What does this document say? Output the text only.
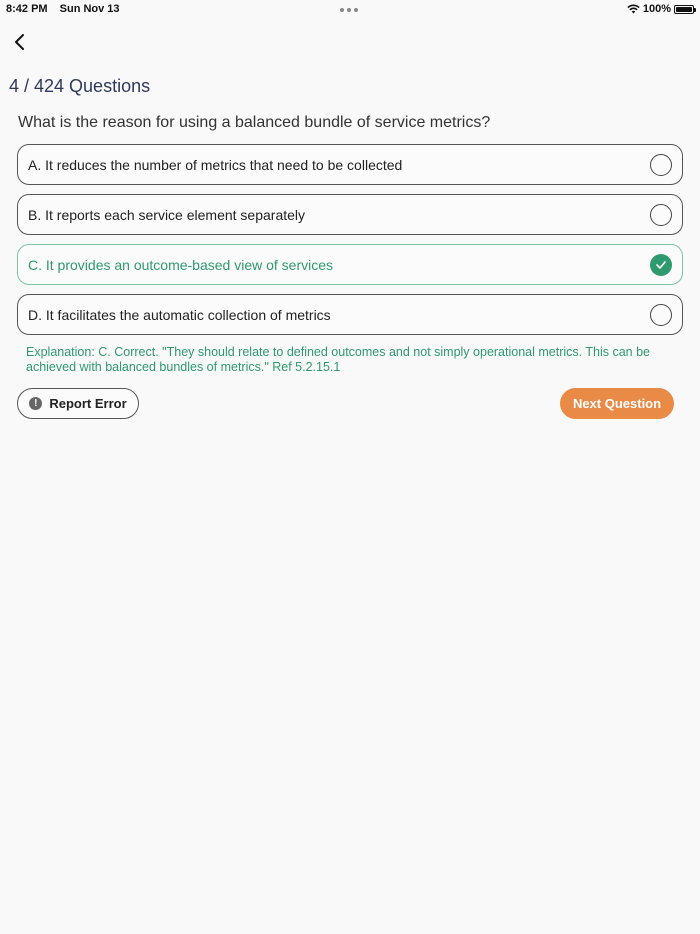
8:42 PM Sun Nov 13	100%
4 / 424 Questions
What is the reason for using a balanced bundle of service metrics?
A. It reduces the number of metrics that need to be collected
B. It reports each service element separately
C. It provides an outcome-based view of services
D. It facilitates the automatic collection of metrics
Explanation: C. Correct. "They should relate to defined outcomes and not simply operational metrics. This can be achieved with balanced bundles of metrics." Ref 5.2.15.1
! Report Error	Next Question
